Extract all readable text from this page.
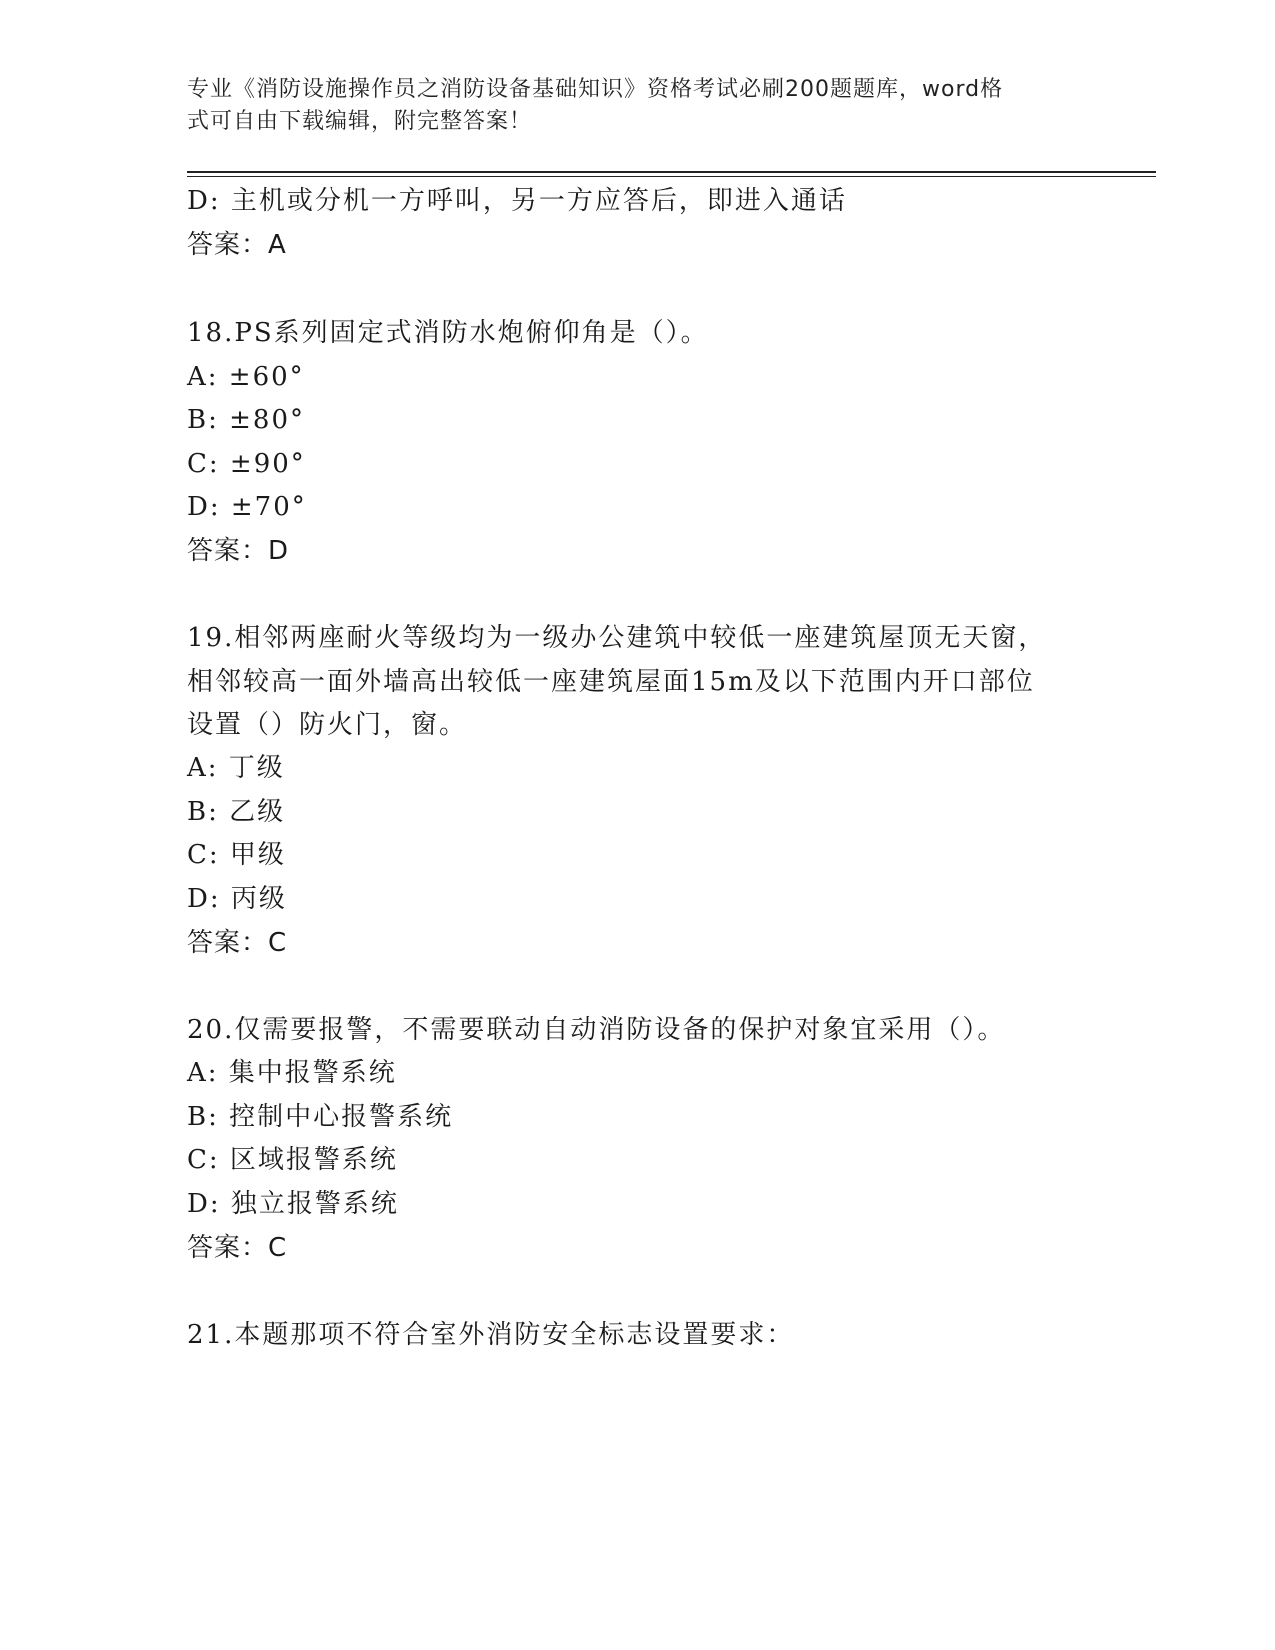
专业《消防设施操作员之消防设备基础知识》资格考试必刷200题题库，word格
式可自由下载编辑，附完整答案！
D: 主机或分机一方呼叫，另一方应答后，即进入通话
答案：A
18.PS系列固定式消防水炮俯仰角是（）。
A: ±60°
B: ±80°
C: ±90°
D: ±70°
答案：D
19.相邻两座耐火等级均为一级办公建筑中较低一座建筑屋顶无天窗，
相邻较高一面外墙高出较低一座建筑屋面15m及以下范围内开口部位
设置（）防火门，窗。
A: 丁级
B: 乙级
C: 甲级
D: 丙级
答案：C
20.仅需要报警，不需要联动自动消防设备的保护对象宜采用（）。
A: 集中报警系统
B: 控制中心报警系统
C: 区域报警系统
D: 独立报警系统
答案：C
21.本题那项不符合室外消防安全标志设置要求：
